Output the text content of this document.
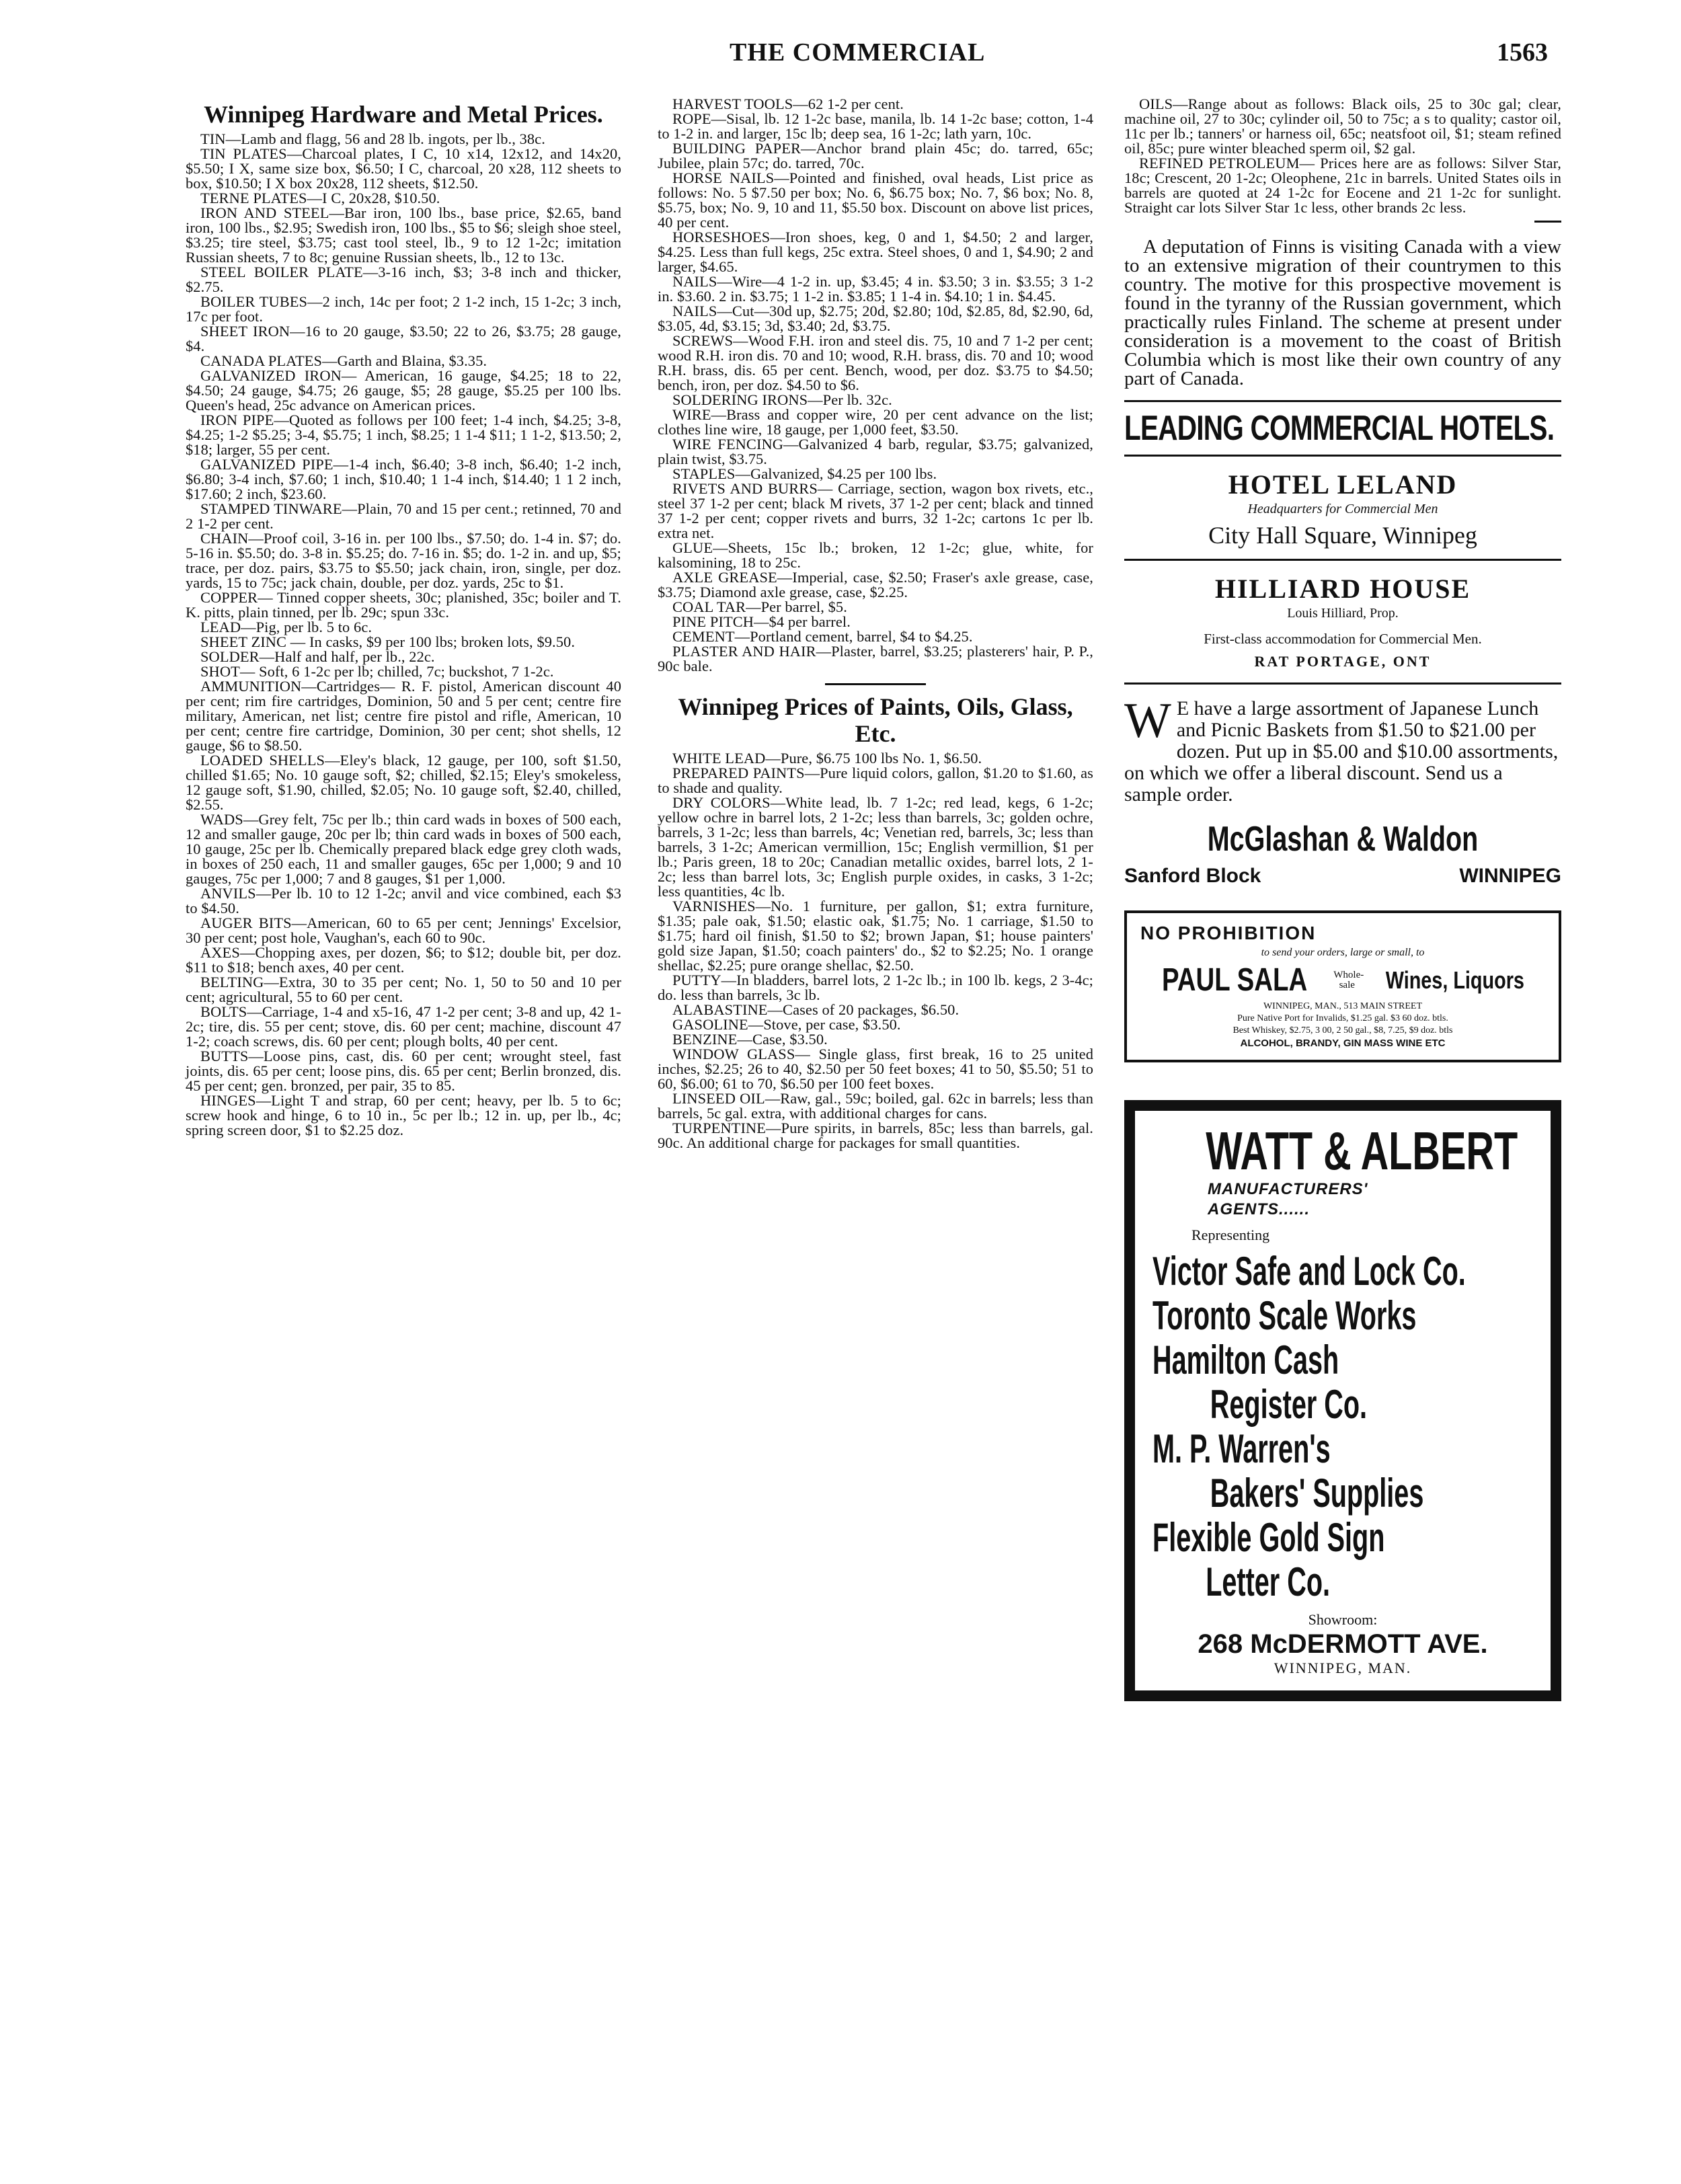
THE COMMERCIAL	1563
Winnipeg Hardware and Metal Prices.

TIN—Lamb and flagg, 56 and 28 lb. ingots, per lb., 38c.

TIN PLATES—Charcoal plates, I C, 10 x14, 12x12, and 14x20, $5.50; I X, same size box, $6.50; I C, charcoal, 20 x28, 112 sheets to box, $10.50; I X box 20x28, 112 sheets, $12.50.

TERNE PLATES—I C, 20x28, $10.50.

IRON AND STEEL—Bar iron, 100 lbs., base price, $2.65, band iron, 100 lbs., $2.95; Swedish iron, 100 lbs., $5 to $6; sleigh shoe steel, $3.25; tire steel, $3.75; cast tool steel, lb., 9 to 12 1-2c; imitation Russian sheets, 7 to 8c; genuine Russian sheets, lb., 12 to 13c.

STEEL BOILER PLATE—3-16 inch, $3; 3-8 inch and thicker, $2.75.

BOILER TUBES—2 inch, 14c per foot; 2 1-2 inch, 15 1-2c; 3 inch, 17c per foot.

SHEET IRON—16 to 20 gauge, $3.50; 22 to 26, $3.75; 28 gauge, $4.

CANADA PLATES—Garth and Blaina, $3.35.

GALVANIZED IRON— American, 16 gauge, $4.25; 18 to 22, $4.50; 24 gauge, $4.75; 26 gauge, $5; 28 gauge, $5.25 per 100 lbs. Queen's head, 25c advance on American prices.

IRON PIPE—Quoted as follows per 100 feet; 1-4 inch, $4.25; 3-8, $4.25; 1-2 $5.25; 3-4, $5.75; 1 inch, $8.25; 1 1-4 $11; 1 1-2, $13.50; 2, $18; larger, 55 per cent.

GALVANIZED PIPE—1-4 inch, $6.40; 3-8 inch, $6.40; 1-2 inch, $6.80; 3-4 inch, $7.60; 1 inch, $10.40; 1 1-4 inch, $14.40; 1 1 2 inch, $17.60; 2 inch, $23.60.

STAMPED TINWARE—Plain, 70 and 15 per cent.; retinned, 70 and 2 1-2 per cent.

CHAIN—Proof coil, 3-16 in. per 100 lbs., $7.50; do. 1-4 in. $7; do. 5-16 in. $5.50; do. 3-8 in. $5.25; do. 7-16 in. $5; do. 1-2 in. and up, $5; trace, per doz. pairs, $3.75 to $5.50; jack chain, iron, single, per doz. yards, 15 to 75c; jack chain, double, per doz. yards, 25c to $1.

COPPER— Tinned copper sheets, 30c; planished, 35c; boiler and T. K. pitts, plain tinned, per lb. 29c; spun 33c.

LEAD—Pig, per lb. 5 to 6c.

SHEET ZINC — In casks, $9 per 100 lbs; broken lots, $9.50.

SOLDER—Half and half, per lb., 22c.

SHOT— Soft, 6 1-2c per lb; chilled, 7c; buckshot, 7 1-2c.

AMMUNITION—Cartridges— R. F. pistol, American discount 40 per cent; rim fire cartridges, Dominion, 50 and 5 per cent; centre fire military, American, net list; centre fire pistol and rifle, American, 10 per cent; centre fire cartridge, Dominion, 30 per cent; shot shells, 12 gauge, $6 to $8.50.

LOADED SHELLS—Eley's black, 12 gauge, per 100, soft $1.50, chilled $1.65; No. 10 gauge soft, $2; chilled, $2.15; Eley's smokeless, 12 gauge soft, $1.90, chilled, $2.05; No. 10 gauge soft, $2.40, chilled, $2.55.

WADS—Grey felt, 75c per lb.; thin card wads in boxes of 500 each, 12 and smaller gauge, 20c per lb; thin card wads in boxes of 500 each, 10 gauge, 25c per lb. Chemically prepared black edge grey cloth wads, in boxes of 250 each, 11 and smaller gauges, 65c per 1,000; 9 and 10 gauges, 75c per 1,000; 7 and 8 gauges, $1 per 1,000.

ANVILS—Per lb. 10 to 12 1-2c; anvil and vice combined, each $3 to $4.50.

AUGER BITS—American, 60 to 65 per cent; Jennings' Excelsior, 30 per cent; post hole, Vaughan's, each 60 to 90c.

AXES—Chopping axes, per dozen, $6; to $12; double bit, per doz. $11 to $18; bench axes, 40 per cent.

BELTING—Extra, 30 to 35 per cent; No. 1, 50 to 50 and 10 per cent; agricultural, 55 to 60 per cent.

BOLTS—Carriage, 1-4 and x5-16, 47 1-2 per cent; 3-8 and up, 42 1-2c; tire, dis. 55 per cent; stove, dis. 60 per cent; machine, discount 47 1-2; coach screws, dis. 60 per cent; plough bolts, 40 per cent.

BUTTS—Loose pins, cast, dis. 60 per cent; wrought steel, fast joints, dis. 65 per cent; loose pins, dis. 65 per cent; Berlin bronzed, dis. 45 per cent; gen. bronzed, per pair, 35 to 85.

HINGES—Light T and strap, 60 per cent; heavy, per lb. 5 to 6c; screw hook and hinge, 6 to 10 in., 5c per lb.; 12 in. up, per lb., 4c; spring screen door, $1 to $2.25 doz.

HARVEST TOOLS—62 1-2 per cent.

ROPE—Sisal, lb. 12 1-2c base, manila, lb. 14 1-2c base; cotton, 1-4 to 1-2 in. and larger, 15c lb; deep sea, 16 1-2c; lath yarn, 10c.

BUILDING PAPER—Anchor brand plain 45c; do. tarred, 65c; Jubilee, plain 57c; do. tarred, 70c.

HORSE NAILS—Pointed and finished, oval heads, List price as follows: No. 5 $7.50 per box; No. 6, $6.75 box; No. 7, $6 box; No. 8, $5.75, box; No. 9, 10 and 11, $5.50 box. Discount on above list prices, 40 per cent.

HORSESHOES—Iron shoes, keg, 0 and 1, $4.50; 2 and larger, $4.25. Less than full kegs, 25c extra. Steel shoes, 0 and 1, $4.90; 2 and larger, $4.65.

NAILS—Wire—4 1-2 in. up, $3.45; 4 in. $3.50; 3 in. $3.55; 3 1-2 in. $3.60. 2 in. $3.75; 1 1-2 in. $3.85; 1 1-4 in. $4.10; 1 in. $4.45.

NAILS—Cut—30d up, $2.75; 20d, $2.80; 10d, $2.85, 8d, $2.90, 6d, $3.05, 4d, $3.15; 3d, $3.40; 2d, $3.75.

SCREWS—Wood F.H. iron and steel dis. 75, 10 and 7 1-2 per cent; wood R.H. iron dis. 70 and 10; wood, R.H. brass, dis. 70 and 10; wood R.H. brass, dis. 65 per cent. Bench, wood, per doz. $3.75 to $4.50; bench, iron, per doz. $4.50 to $6.

SOLDERING IRONS—Per lb. 32c.

WIRE—Brass and copper wire, 20 per cent advance on the list; clothes line wire, 18 gauge, per 1,000 feet, $3.50.

WIRE FENCING—Galvanized 4 barb, regular, $3.75; galvanized, plain twist, $3.75.

STAPLES—Galvanized, $4.25 per 100 lbs.

RIVETS AND BURRS— Carriage, section, wagon box rivets, etc., steel 37 1-2 per cent; black M rivets, 37 1-2 per cent; black and tinned 37 1-2 per cent; copper rivets and burrs, 32 1-2c; cartons 1c per lb. extra net.

GLUE—Sheets, 15c lb.; broken, 12 1-2c; glue, white, for kalsomining, 18 to 25c.

AXLE GREASE—Imperial, case, $2.50; Fraser's axle grease, case, $3.75; Diamond axle grease, case, $2.25.

COAL TAR—Per barrel, $5.

PINE PITCH—$4 per barrel.

CEMENT—Portland cement, barrel, $4 to $4.25.

PLASTER AND HAIR—Plaster, barrel, $3.25; plasterers' hair, P. P., 90c bale.

Winnipeg Prices of Paints, Oils, Glass, Etc.

WHITE LEAD—Pure, $6.75 100 lbs No. 1, $6.50.

PREPARED PAINTS—Pure liquid colors, gallon, $1.20 to $1.60, as to shade and quality.

DRY COLORS—White lead, lb. 7 1-2c; red lead, kegs, 6 1-2c; yellow ochre in barrel lots, 2 1-2c; less than barrels, 3c; golden ochre, barrels, 3 1-2c; less than barrels, 4c; Venetian red, barrels, 3c; less than barrels, 3 1-2c; American vermillion, 15c; English vermillion, $1 per lb.; Paris green, 18 to 20c; Canadian metallic oxides, barrel lots, 2 1-2c; less than barrel lots, 3c; English purple oxides, in casks, 3 1-2c; less quantities, 4c lb.

VARNISHES—No. 1 furniture, per gallon, $1; extra furniture, $1.35; pale oak, $1.50; elastic oak, $1.75; No. 1 carriage, $1.50 to $1.75; hard oil finish, $1.50 to $2; brown Japan, $1; house painters' gold size Japan, $1.50; coach painters' do., $2 to $2.25; No. 1 orange shellac, $2.25; pure orange shellac, $2.50.

PUTTY—In bladders, barrel lots, 2 1-2c lb.; in 100 lb. kegs, 2 3-4c; do. less than barrels, 3c lb.

ALABASTINE—Cases of 20 packages, $6.50.

GASOLINE—Stove, per case, $3.50.

BENZINE—Case, $3.50.

WINDOW GLASS— Single glass, first break, 16 to 25 united inches, $2.25; 26 to 40, $2.50 per 50 feet boxes; 41 to 50, $5.50; 51 to 60, $6.00; 61 to 70, $6.50 per 100 feet boxes.

LINSEED OIL—Raw, gal., 59c; boiled, gal. 62c in barrels; less than barrels, 5c gal. extra, with additional charges for cans.

TURPENTINE—Pure spirits, in barrels, 85c; less than barrels, gal. 90c. An additional charge for packages for small quantities.

OILS—Range about as follows: Black oils, 25 to 30c gal; clear, machine oil, 27 to 30c; cylinder oil, 50 to 75c; a s to quality; castor oil, 11c per lb.; tanners' or harness oil, 65c; neatsfoot oil, $1; steam refined oil, 85c; pure winter bleached sperm oil, $2 gal.

REFINED PETROLEUM— Prices here are as follows: Silver Star, 18c; Crescent, 20 1-2c; Oleophene, 21c in barrels. United States oils in barrels are quoted at 24 1-2c for Eocene and 21 1-2c for sunlight. Straight car lots Silver Star 1c less, other brands 2c less.

A deputation of Finns is visiting Canada with a view to an extensive migration of their countrymen to this country. The motive for this prospective movement is found in the tyranny of the Russian government, which practically rules Finland. The scheme at present under consideration is a movement to the coast of British Columbia which is most like their own country of any part of Canada.

LEADING COMMERCIAL HOTELS.
HOTEL LELAND
Headquarters for Commercial Men
City Hall Square, Winnipeg
HILLIARD HOUSE
Louis Hilliard, Prop.
First-class accommodation for Commercial Men.
RAT PORTAGE, ONT
W E have a large assortment of Japanese Lunch and Picnic Baskets from $1.50 to $21.00 per dozen. Put up in $5.00 and $10.00 assortments, on which we offer a liberal discount. Send us a sample order.
McGlashan & Waldon
Sanford Block	WINNIPEG
NO PROHIBITION
to send your orders, large or small, to
PAUL SALA	Whole-sale Wines, Liquors
WINNIPEG, MAN., 513 MAIN STREET
Pure Native Port for Invalids, $1.25 gal. $3 60 doz. btls.
Best Whiskey, $2.75, 3 00, 2 50 gal., $8, 7.25, $9 doz. btls
ALCOHOL, BRANDY, GIN MASS WINE ETC
WATT & ALBERT
MANUFACTURERS'
AGENTS......
Representing
Victor Safe and Lock Co.
Toronto Scale Works
Hamilton Cash
Register Co.
M. P. Warren's
Bakers' Supplies
Flexible Gold Sign
Letter Co.
Showroom:
268 McDERMOTT AVE.
WINNIPEG, MAN.
